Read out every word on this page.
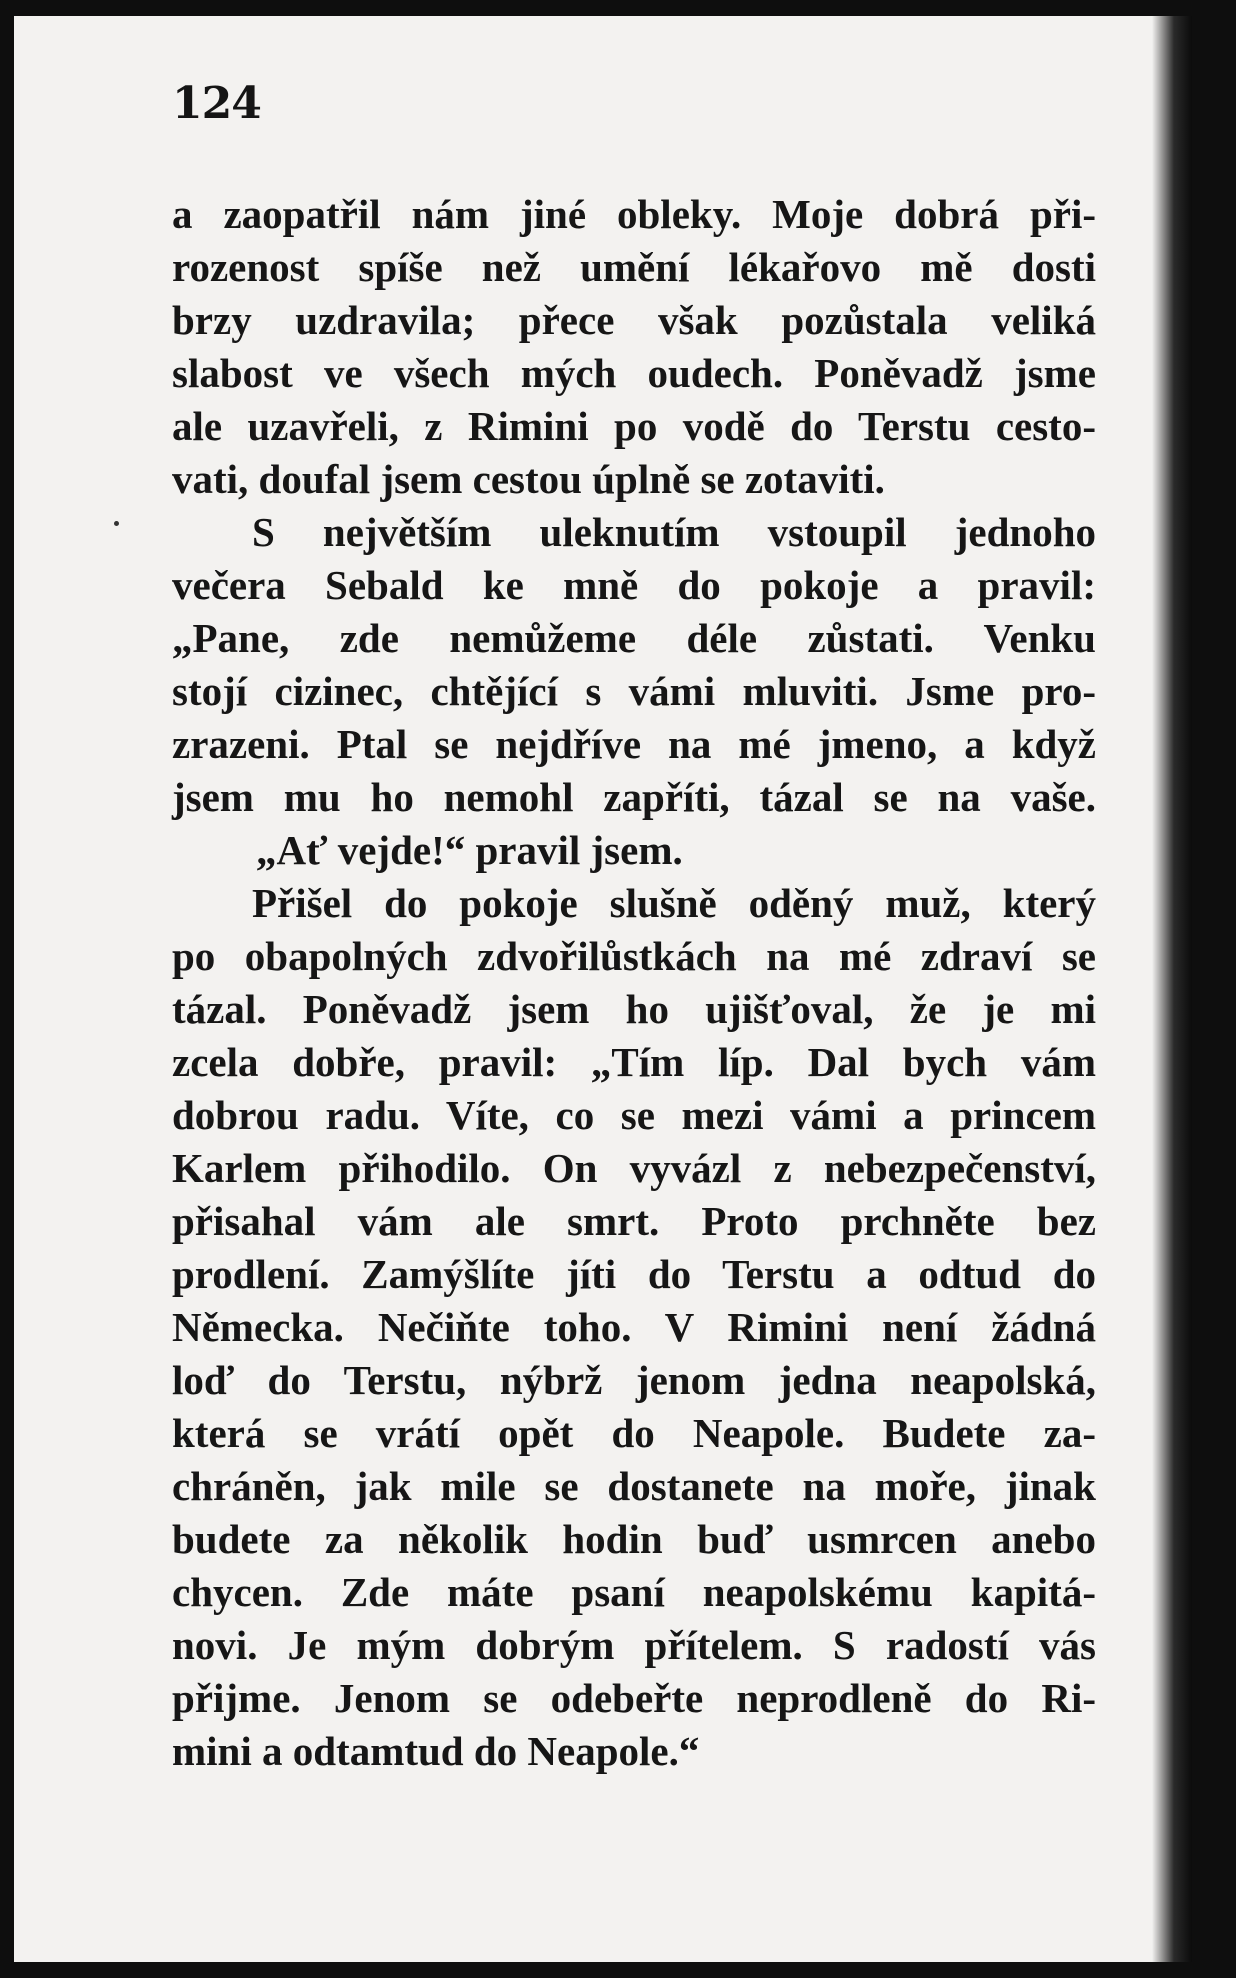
124
a zaopatřil nám jiné obleky. Moje dobrá při-
rozenost spíše než umění lékařovo mě dosti
brzy uzdravila; přece však pozůstala veliká
slabost ve všech mých oudech. Poněvadž jsme
ale uzavřeli, z Rimini po vodě do Terstu cesto-
vati, doufal jsem cestou úplně se zotaviti.
S největším uleknutím vstoupil jednoho
večera Sebald ke mně do pokoje a pravil:
„Pane, zde nemůžeme déle zůstati. Venku
stojí cizinec, chtějící s vámi mluviti. Jsme pro-
zrazeni. Ptal se nejdříve na mé jmeno, a když
jsem mu ho nemohl zapříti, tázal se na vaše.
„Ať vejde!“ pravil jsem.
Přišel do pokoje slušně oděný muž, který
po obapolných zdvořilůstkách na mé zdraví se
tázal. Poněvadž jsem ho ujišťoval, že je mi
zcela dobře, pravil: „Tím líp. Dal bych vám
dobrou radu. Víte, co se mezi vámi a princem
Karlem přihodilo. On vyvázl z nebezpečenství,
přisahal vám ale smrt. Proto prchněte bez
prodlení. Zamýšlíte jíti do Terstu a odtud do
Německa. Nečiňte toho. V Rimini není žádná
loď do Terstu, nýbrž jenom jedna neapolská,
která se vrátí opět do Neapole. Budete za-
chráněn, jak mile se dostanete na moře, jinak
budete za několik hodin buď usmrcen anebo
chycen. Zde máte psaní neapolskému kapitá-
novi. Je mým dobrým přítelem. S radostí vás
přijme. Jenom se odebeřte neprodleně do Ri-
mini a odtamtud do Neapole.“
